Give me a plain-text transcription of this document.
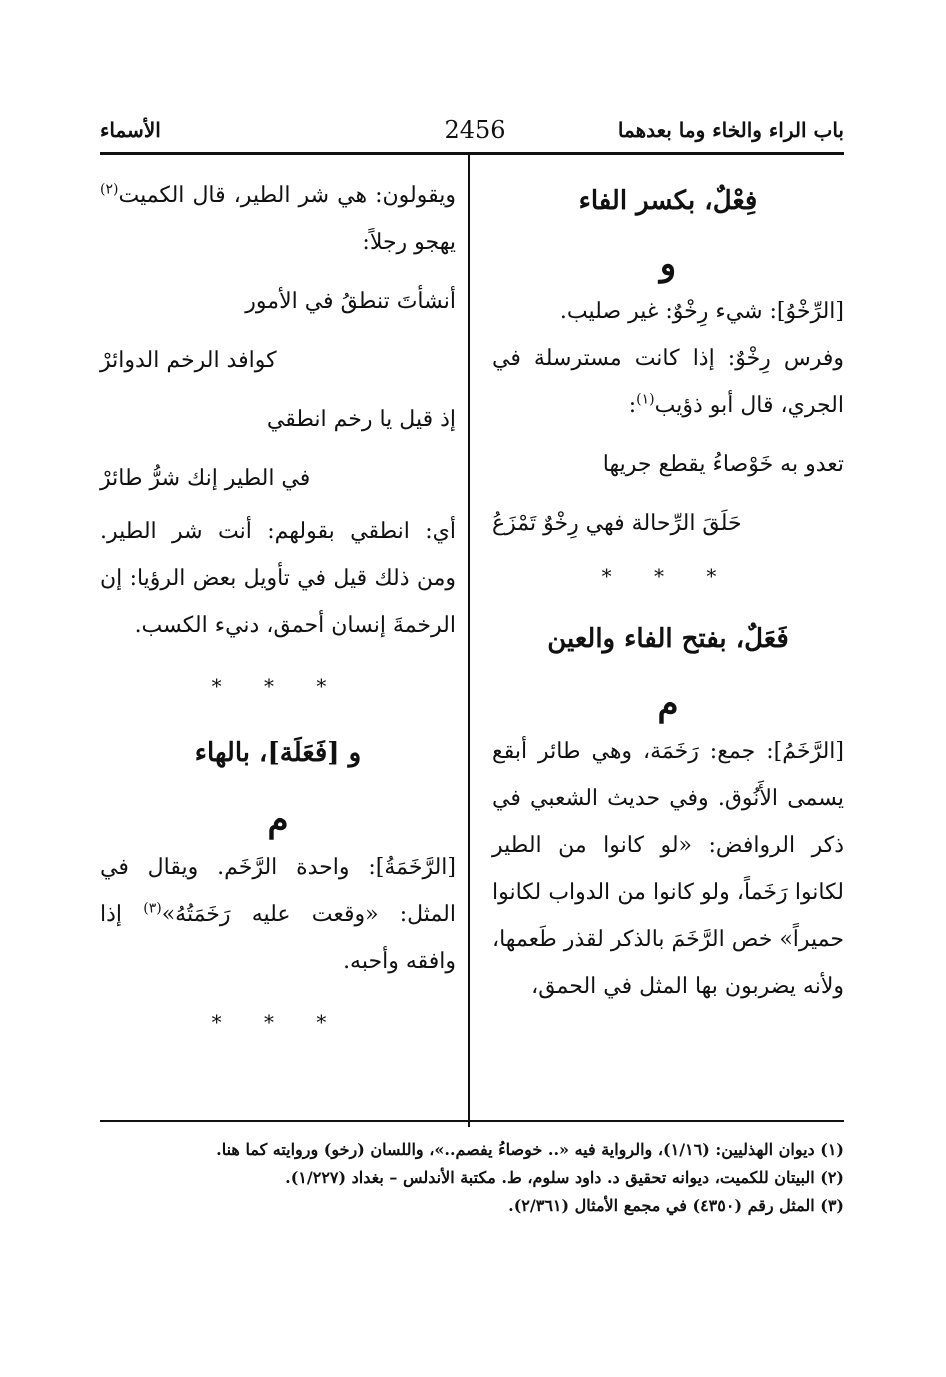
باب الراء والخاء وما بعدهما
2456
الأسماء

فِعْلٌ، بكسر الفاء

و

[الرِّخْوُ]: شيء رِخْوٌ: غير صليب.

وفرس رِخْوٌ: إذا كانت مسترسلة في الجري، قال أبو ذؤيب$^{(١)}$:

تعدو به خَوْصاءُ يقطع جريها

حَلَقَ الرِّحالة فهي رِخْوٌ تَمْزَعُ

* * *

فَعَلٌ، بفتح الفاء والعين

م

[الرَّخَمُ]: جمع: رَخَمَة، وهي طائر أبقع يسمى الأَنُوق. وفي حديث الشعبي في ذكر الروافض: «لو كانوا من الطير لكانوا رَخَماً، ولو كانوا من الدواب لكانوا حميراً» خص الرَّخَمَ بالذكر لقذر طَعمها، ولأنه يضربون بها المثل في الحمق،

ويقولون: هي شر الطير، قال الكميت$^{(٢)}$ يهجو رجلاً:

أنشأتَ تنطقُ في الأمور

كوافد الرخم الدوائرْ

إذ قيل يا رخم انطقي

في الطير إنك شرُّ طائرْ

أي: انطقي بقولهم: أنت شر الطير. ومن ذلك قيل في تأويل بعض الرؤيا: إن الرخمةَ إنسان أحمق، دنيء الكسب.

* * *

و [فَعَلَة]، بالهاء

م

[الرَّخَمَةُ]: واحدة الرَّخَم. ويقال في المثل: «وقعت عليه رَخَمَتُهُ»$^{(٣)}$ إذا وافقه وأحبه.

* * *

(١) ديوان الهذليين: (١/١٦)، والرواية فيه «.. خوصاءُ يفصم..»، واللسان (رخو) وروايته كما هنا.

(٢) البيتان للكميت، ديوانه تحقيق د. داود سلوم، ط. مكتبة الأندلس – بغداد (١/٢٢٧).

(٣) المثل رقم (٤٣٥٠) في مجمع الأمثال (٢/٣٦١).
